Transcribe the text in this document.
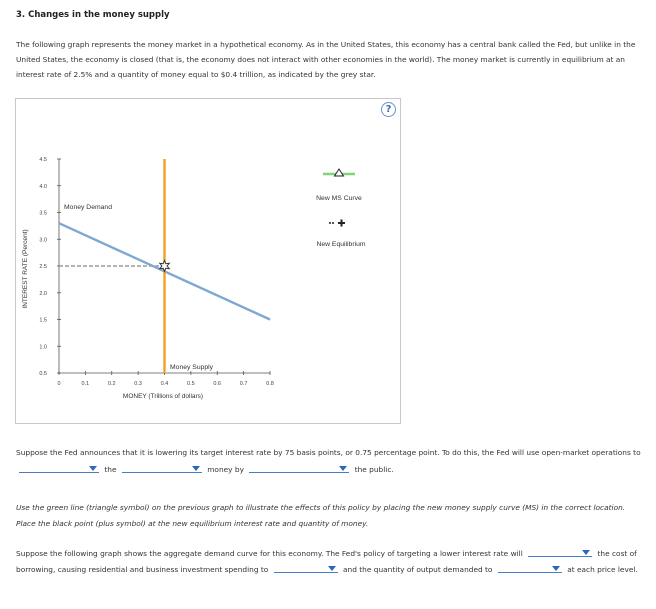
3. Changes in the money supply
The following graph represents the money market in a hypothetical economy. As in the United States, this economy has a central bank called the Fed, but unlike in the United States, the economy is closed (that is, the economy does not interact with other economies in the world). The money market is currently in equilibrium at an interest rate of 2.5% and a quantity of money equal to $0.4 trillion, as indicated by the grey star.
?
INTEREST RATE (Percent)
MONEY (Trillions of dollars)
4.5
4.0
3.5
3.0
2.5
2.0
1.5
1.0
0.5
0	0.1	0.2	0.3	0.4	0.5	0.6	0.7	0.8
Money Demand
Money Supply
New MS Curve
New Equilibrium
Suppose the Fed announces that it is lowering its target interest rate by 75 basis points, or 0.75 percentage point. To do this, the Fed will use open-market operations to  the	money by	the public.
Use the green line (triangle symbol) on the previous graph to illustrate the effects of this policy by placing the new money supply curve (MS) in the correct location. Place the black point (plus symbol) at the new equilibrium interest rate and quantity of money.
Suppose the following graph shows the aggregate demand curve for this economy. The Fed's policy of targeting a lower interest rate will	the cost of borrowing, causing residential and business investment spending to	and the quantity of output demanded to	at each price level.
